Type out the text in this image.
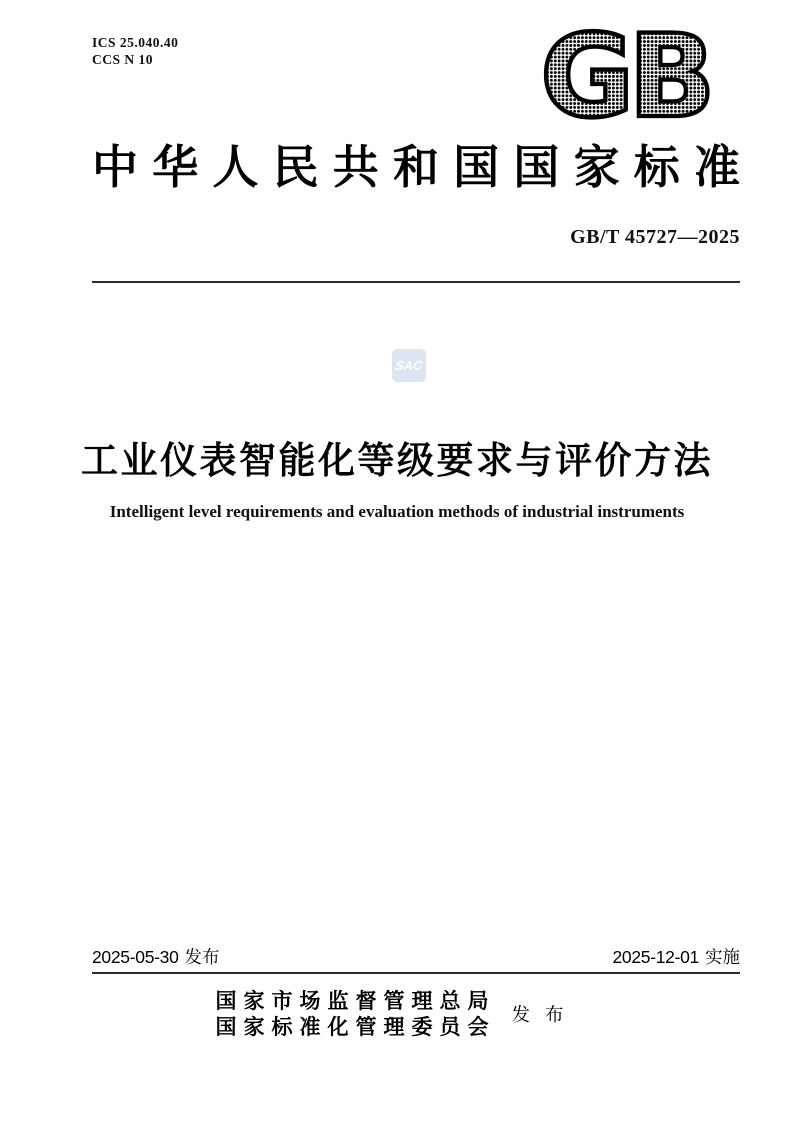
ICS 25.040.40
CCS N 10	GB
中华人民共和国国家标准
GB/T 45727—2025
SAC
工业仪表智能化等级要求与评价方法
Intelligent level requirements and evaluation methods of industrial instruments
2025-05-30 发布	2025-12-01 实施
国家市场监督管理总局
国家标准化管理委员会
发布
